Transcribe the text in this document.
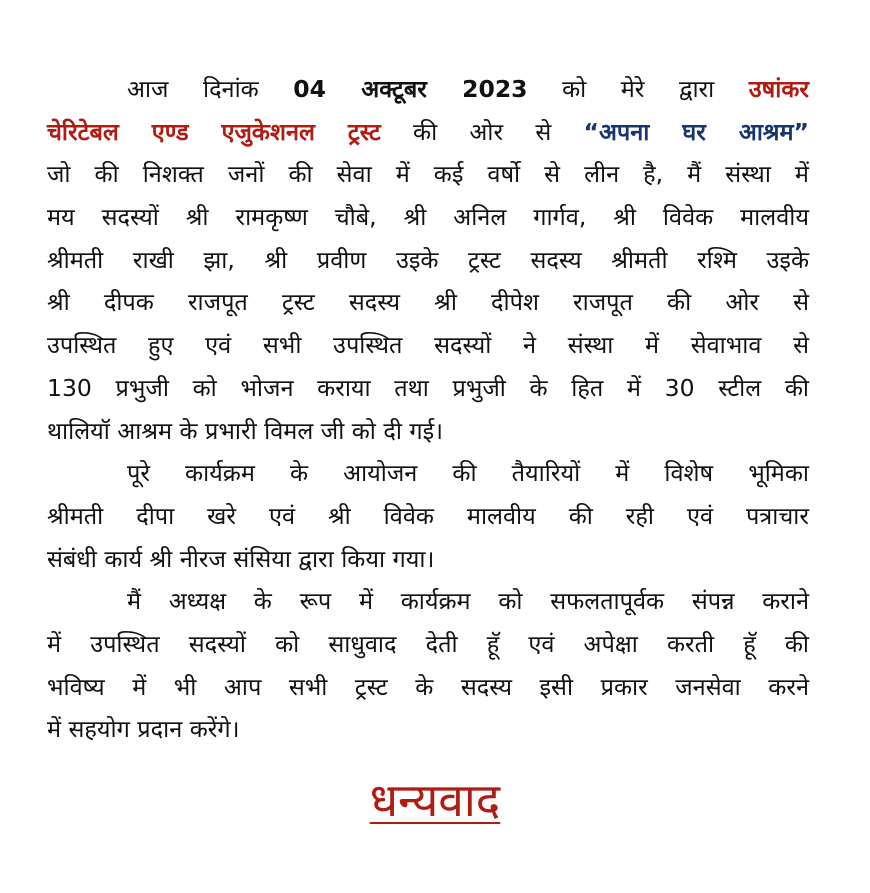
आज दिनांक 04 अक्टूबर 2023 को मेरे द्वारा उषांकर
चेरिटेबल एण्ड एजुकेशनल ट्रस्ट की ओर से “अपना घर आश्रम”
जो की निशक्त जनों की सेवा में कई वर्षो से लीन है, मैं संस्था में
मय सदस्यों श्री रामकृष्ण चौबे, श्री अनिल गार्गव, श्री विवेक मालवीय
श्रीमती राखी झा, श्री प्रवीण उइके ट्रस्ट सदस्य श्रीमती रश्मि उइके
श्री दीपक राजपूत ट्रस्ट सदस्य श्री दीपेश राजपूत की ओर से
उपस्थित हुए एवं सभी उपस्थित सदस्यों ने संस्था में सेवाभाव से
130 प्रभुजी को भोजन कराया तथा प्रभुजी के हित में 30 स्टील की
थालियॉ आश्रम के प्रभारी विमल जी को दी गई।
पूरे कार्यक्रम के आयोजन की तैयारियों में विशेष भूमिका
श्रीमती दीपा खरे एवं श्री विवेक मालवीय की रही एवं पत्राचार
संबंधी कार्य श्री नीरज संसिया द्वारा किया गया।
मैं अध्यक्ष के रूप में कार्यक्रम को सफलतापूर्वक संपन्न कराने
में उपस्थित सदस्यों को साधुवाद देती हूॅ एवं अपेक्षा करती हूॅ की
भविष्य में भी आप सभी ट्रस्ट के सदस्य इसी प्रकार जनसेवा करने
में सहयोग प्रदान करेंगे।
धन्यवाद
